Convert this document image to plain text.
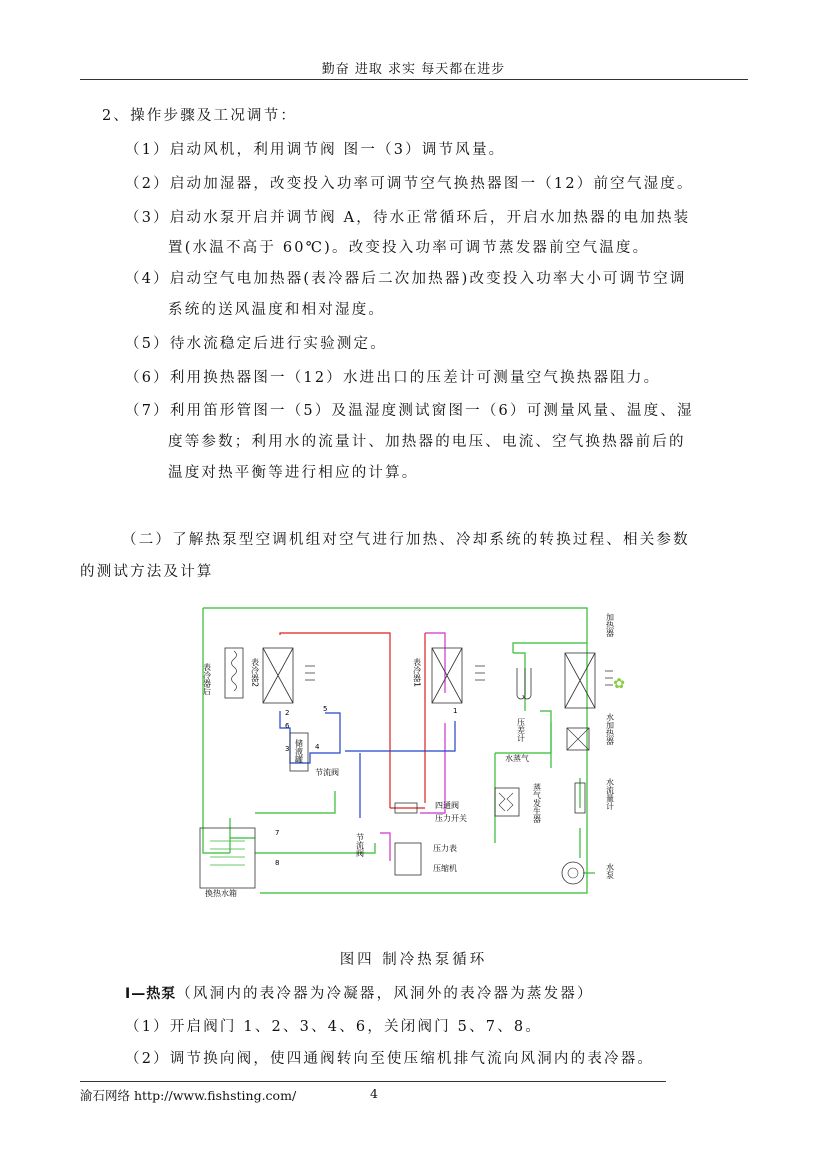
勤奋 进取 求实 每天都在进步
2、操作步骤及工况调节：
（1）启动风机，利用调节阀 图一（3）调节风量。
（2）启动加湿器，改变投入功率可调节空气换热器图一（12）前空气湿度。
（3）启动水泵开启并调节阀 A，待水正常循环后，开启水加热器的电加热装
置(水温不高于 60℃)。改变投入功率可调节蒸发器前空气温度。
（4）启动空气电加热器(表冷器后二次加热器)改变投入功率大小可调节空调
系统的送风温度和相对湿度。
（5）待水流稳定后进行实验测定。
（6）利用换热器图一（12）水进出口的压差计可测量空气换热器阻力。
（7）利用笛形管图一（5）及温湿度测试窗图一（6）可测量风量、温度、湿
度等参数；利用水的流量计、加热器的电压、电流、空气换热器前后的
温度对热平衡等进行相应的计算。
（二）了解热泵型空调机组对空气进行加热、冷却系统的转换过程、相关参数
的测试方法及计算
表冷器后	表冷器2	表冷器1
加热器
✿
压差计	水加热器
水蒸气
蒸气发生器	水流量计
水泵
储液罐
节流阀
四通阀
压力开关
节流阀	压力表
压缩机
换热水箱
1
2
3	4
5
6
7
8
图四 制冷热泵循环
Ⅰ—热泵（风洞内的表冷器为冷凝器，风洞外的表冷器为蒸发器）
（1）开启阀门 1、2、3、4、6，关闭阀门 5、7、8。
（2）调节换向阀，使四通阀转向至使压缩机排气流向风洞内的表冷器。
渝石网络 http://www.fishsting.com/	4
